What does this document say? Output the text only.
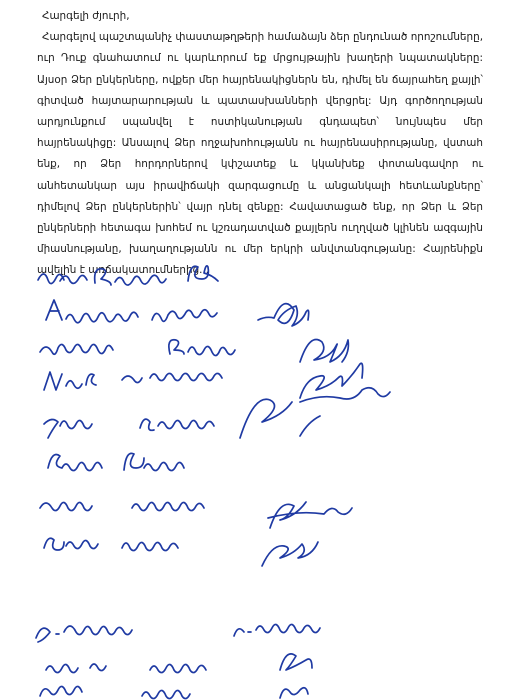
Հարգելի ժյուրի,

Հարգելով պաշտպանիչ փաստաթղթերի համաձայն ձեր ընդունած որոշումները, ուր Դուք գնահատում ու կարևորում եք մրցույթային խաղերի նպատակները: Այսօր Ձեր ընկերները, ովքեր մեր հայրենակիցներն են, դիմել են ճայրահեղ քայլի՝ գիտված հայտարարության և պատասխանների վերցրել: Այդ գործողության արդյունքում սպանվել է ոստիկանության գնդապետ՝ նույնպես մեր հայրենակիցը: Անսալով Ձեր ողջախոհությանն ու հայրենասիրությանը, վստահ ենք, որ Ձեր հորդորներով կփշատեք և կկանխեք փոտանգավոր ու անհետանկար այս իրավիճակի զարգացումը և անցանկալի հետևանքները՝ դիմելով Ձեր ընկերներին՝ վայր դնել զենքը: Հավատացած ենք, որ Ձեր և Ձեր ընկերների հետագա խոհեմ ու կշռադատված քայլերն ուղղված կլինեն ազգային միասնությանը, խաղաղությանն ու մեր երկրի անվտանգությանը: Հայրենիքն ավելին է առճակատումներից...
